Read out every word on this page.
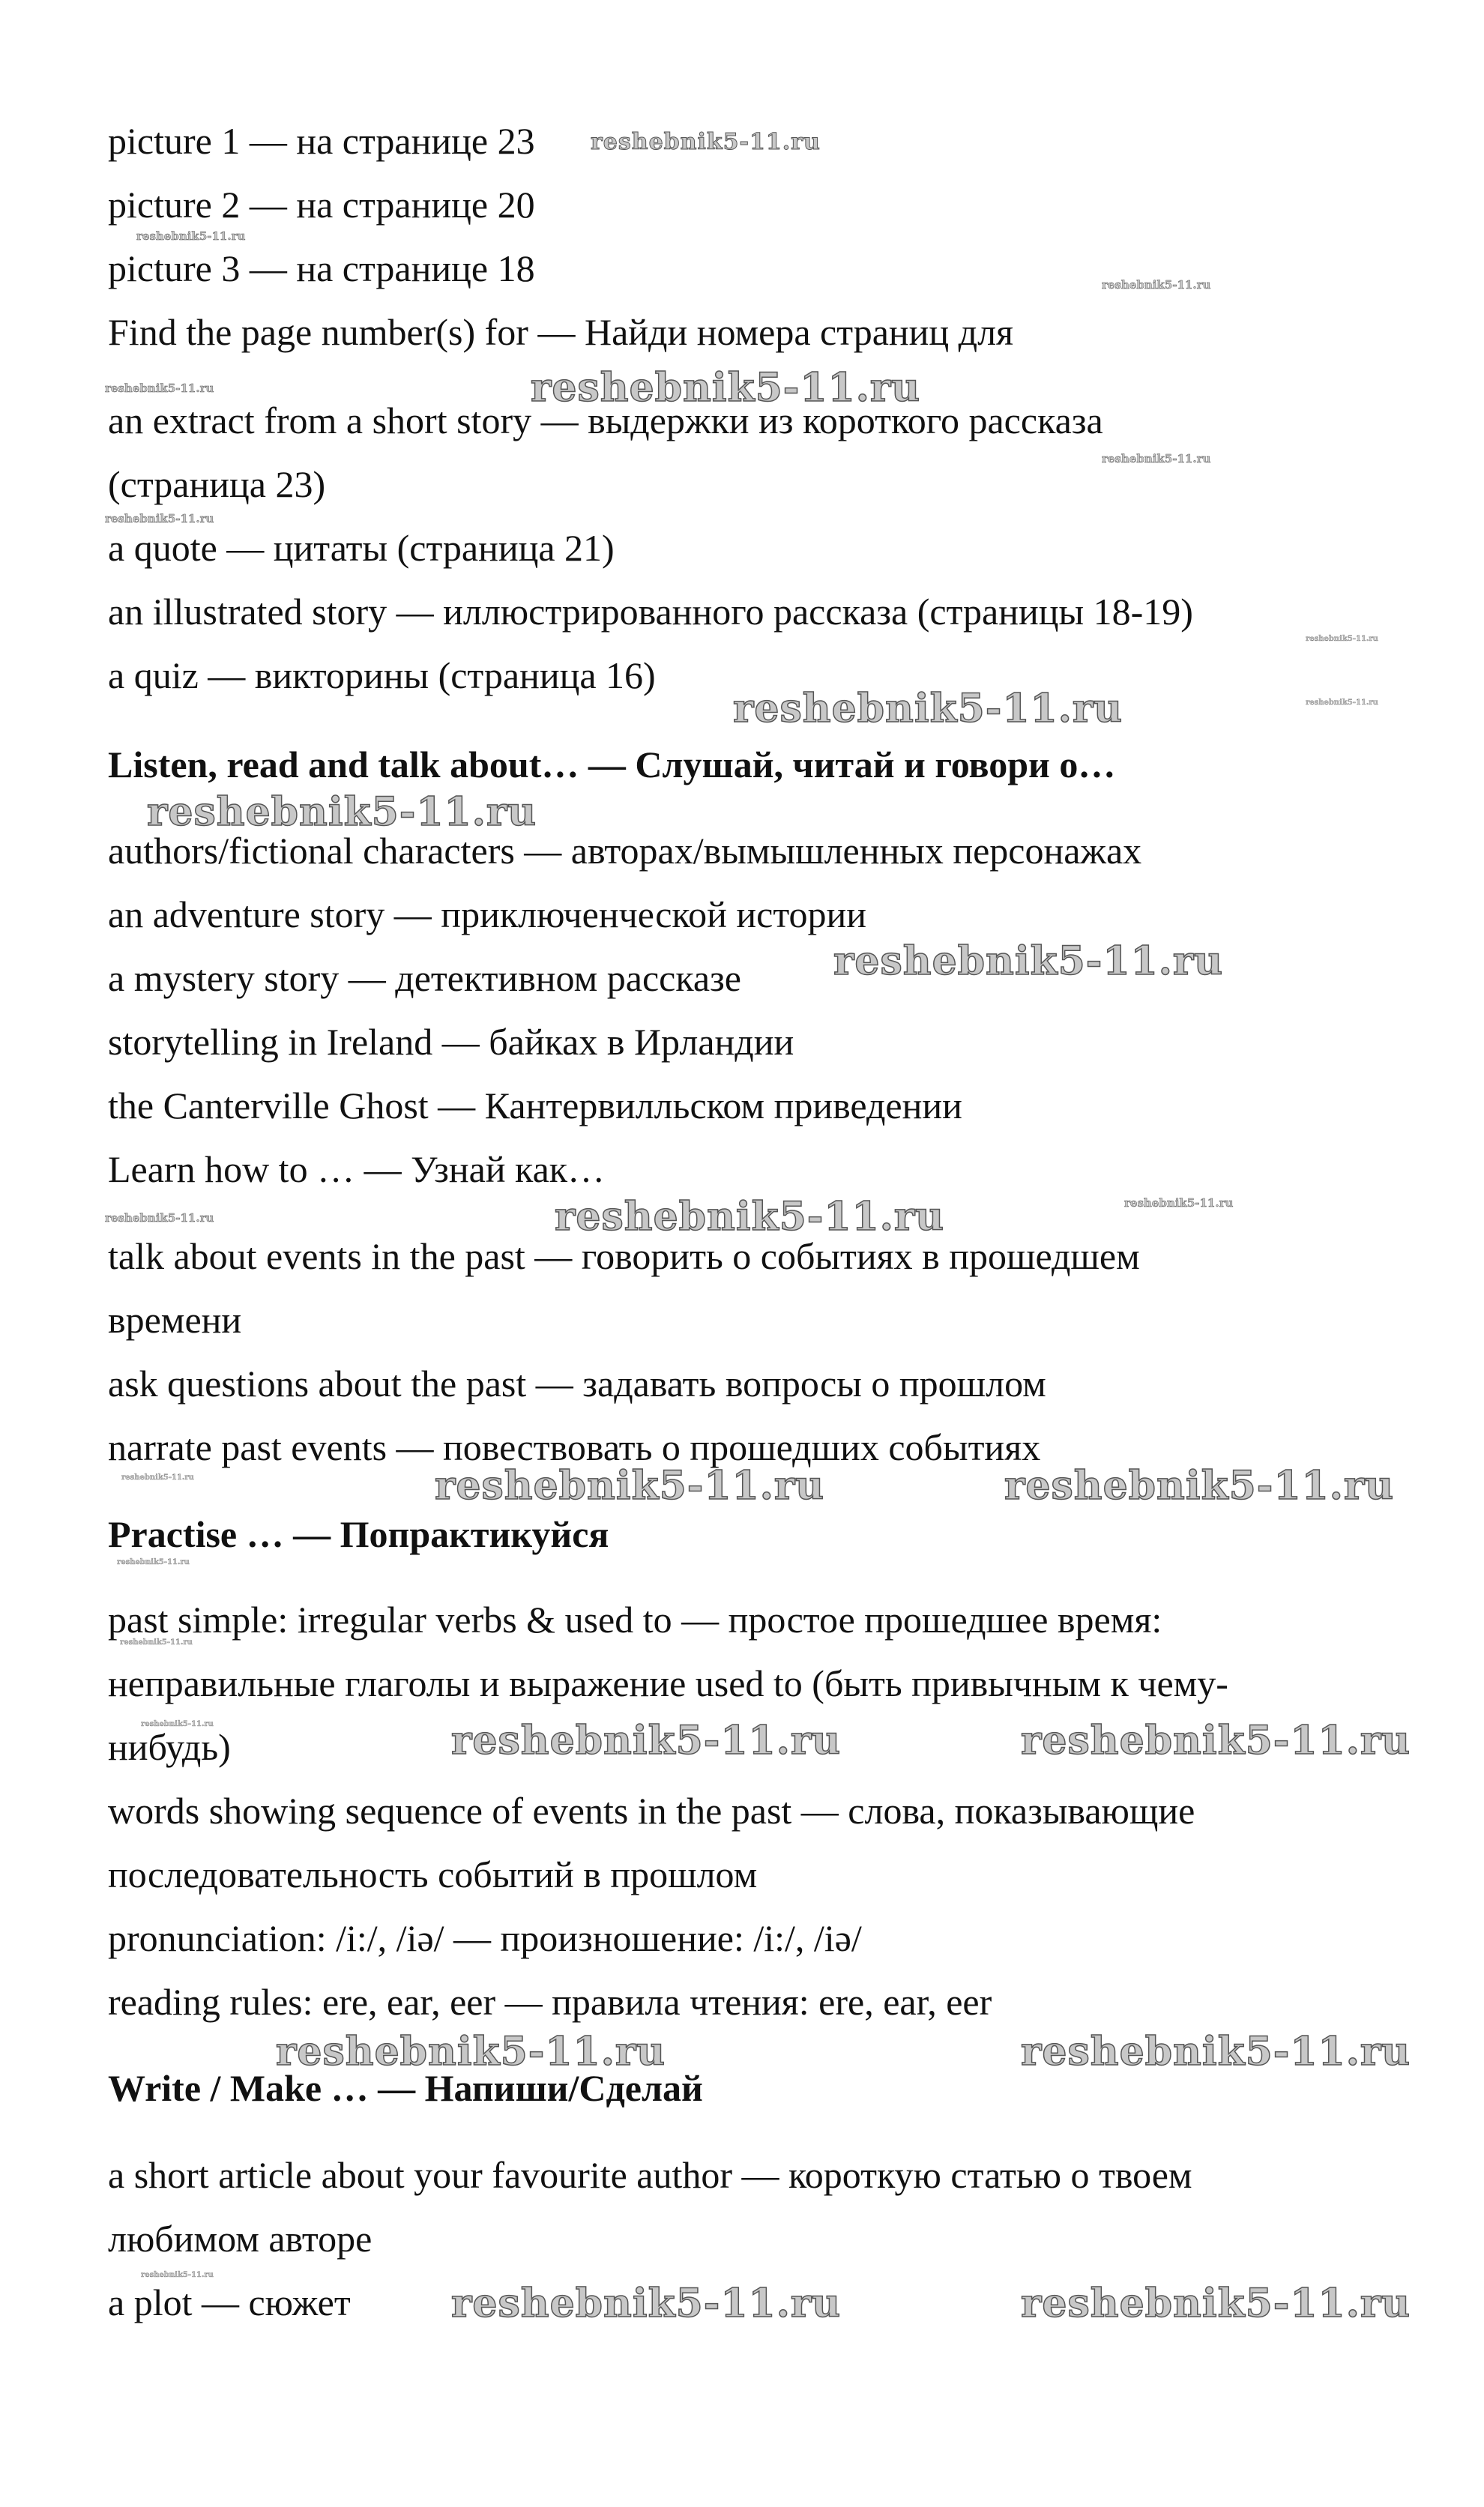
picture 1 — на странице 23
picture 2 — на странице 20
picture 3 — на странице 18
Find the page number(s) for — Найди номера страниц для
an extract from a short story — выдержки из короткого рассказа
(страница 23)
a quote — цитаты (страница 21)
an illustrated story — иллюстрированного рассказа (страницы 18-19)
a quiz — викторины (страница 16)
Listen, read and talk about… — Слушай, читай и говори о…
authors/fictional characters — авторах/вымышленных персонажах
an adventure story — приключенческой истории
a mystery story — детективном рассказе
storytelling in Ireland — байках в Ирландии
the Canterville Ghost — Кантервилльском приведении
Learn how to … — Узнай как…
talk about events in the past — говорить о событиях в прошедшем
времени
ask questions about the past — задавать вопросы о прошлом
narrate past events — повествовать о прошедших событиях
Practise … — Попрактикуйся
past simple: irregular verbs & used to — простое прошедшее время:
неправильные глаголы и выражение used to (быть привычным к чему-
нибудь)
words showing sequence of events in the past — слова, показывающие
последовательность событий в прошлом
pronunciation: /i:/, /iə/ — произношение: /i:/, /iə/
reading rules: ere, ear, eer — правила чтения: ere, ear, eer
Write / Make … — Напиши/Сделай
a short article about your favourite author — короткую статью о твоем
любимом авторе
a plot — сюжет
reshebnik5-11.ru
reshebnik5-11.ru
reshebnik5-11.ru
reshebnik5-11.ru	reshebnik5-11.ru
reshebnik5-11.ru
reshebnik5-11.ru
reshebnik5-11.ru
reshebnik5-11.ru	reshebnik5-11.ru
reshebnik5-11.ru
reshebnik5-11.ru
reshebnik5-11.ru	reshebnik5-11.ru	reshebnik5-11.ru
reshebnik5-11.ru	reshebnik5-11.ru	reshebnik5-11.ru
reshebnik5-11.ru
reshebnik5-11.ru
reshebnik5-11.ru	reshebnik5-11.ru	reshebnik5-11.ru
reshebnik5-11.ru	reshebnik5-11.ru
reshebnik5-11.ru
reshebnik5-11.ru	reshebnik5-11.ru
